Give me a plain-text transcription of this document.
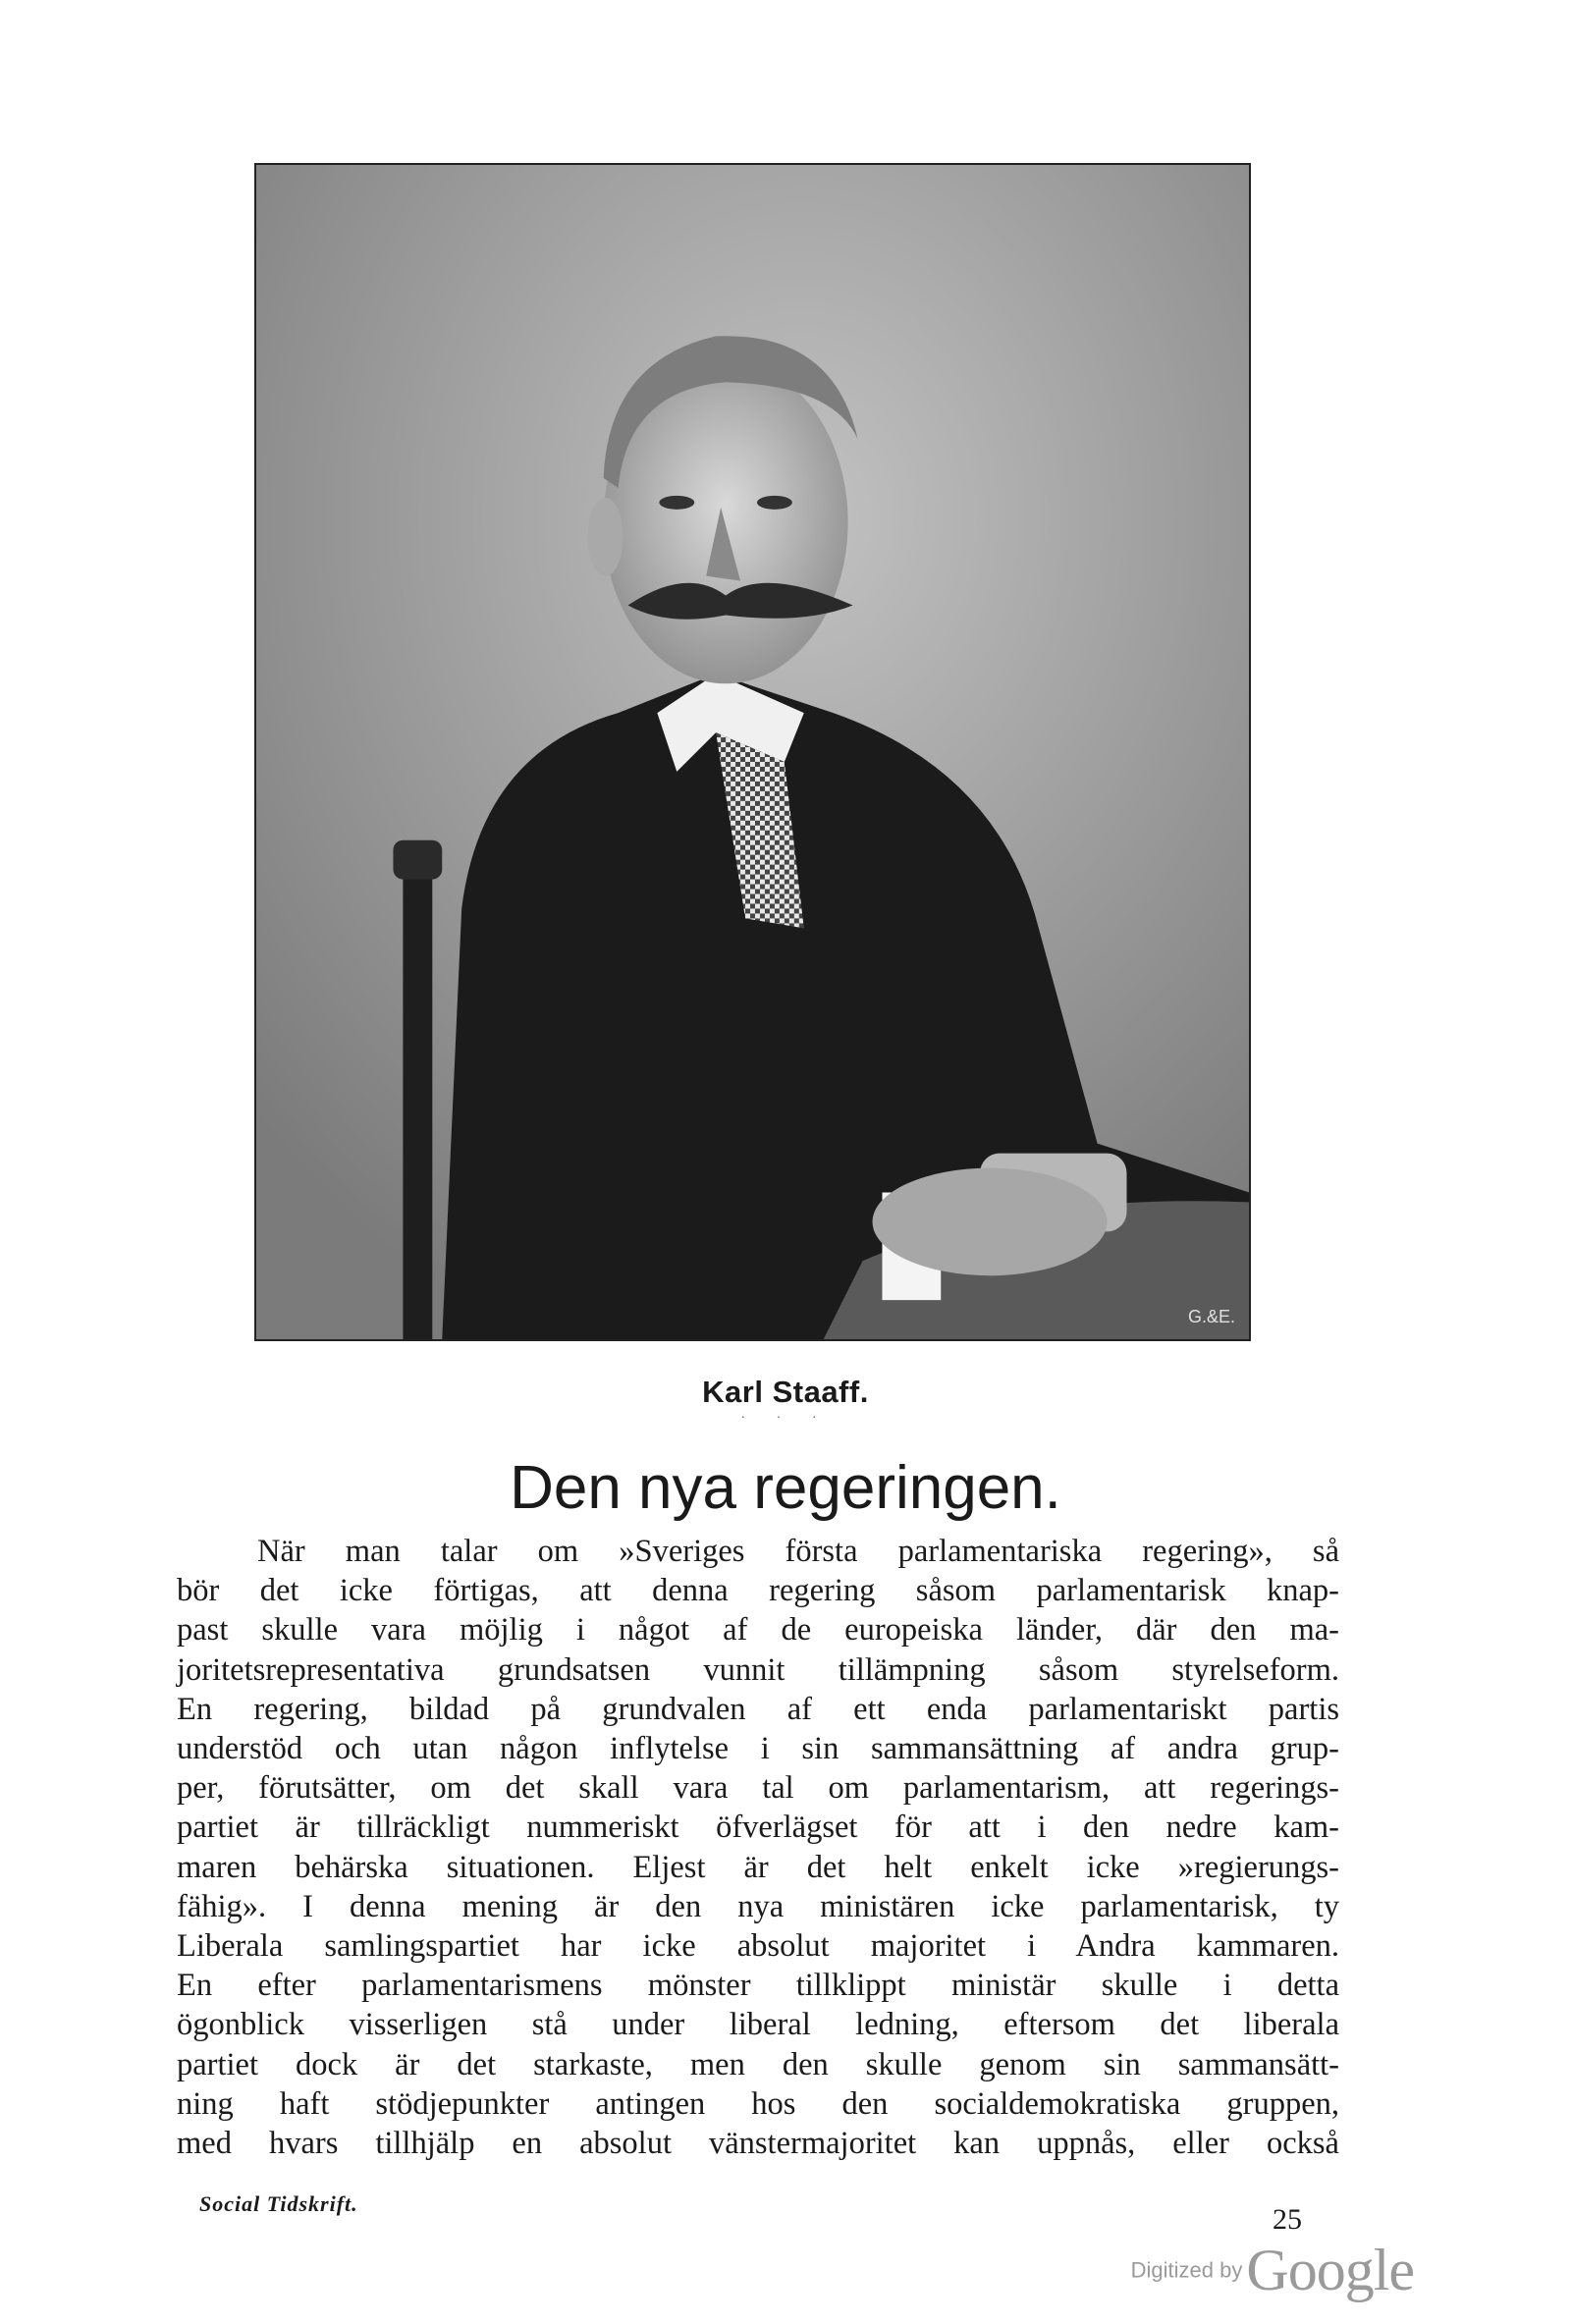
G.&E.
Karl Staaff.
· · ·
Den nya regeringen.
När man talar om »Sveriges första parlamentariska regering», så
bör det icke förtigas, att denna regering såsom parlamentarisk knap-
past skulle vara möjlig i något af de europeiska länder, där den ma-
joritetsrepresentativa grundsatsen vunnit tillämpning såsom styrelseform.
En regering, bildad på grundvalen af ett enda parlamentariskt partis
understöd och utan någon inflytelse i sin sammansättning af andra grup-
per, förutsätter, om det skall vara tal om parlamentarism, att regerings-
partiet är tillräckligt nummeriskt öfverlägset för att i den nedre kam-
maren behärska situationen. Eljest är det helt enkelt icke »regierungs-
fähig». I denna mening är den nya ministären icke parlamentarisk, ty
Liberala samlingspartiet har icke absolut majoritet i Andra kammaren.
En efter parlamentarismens mönster tillklippt ministär skulle i detta
ögonblick visserligen stå under liberal ledning, eftersom det liberala
partiet dock är det starkaste, men den skulle genom sin sammansätt-
ning haft stödjepunkter antingen hos den socialdemokratiska gruppen,
med hvars tillhjälp en absolut vänstermajoritet kan uppnås, eller också
Social Tidskrift.	25
Digitized by Google
